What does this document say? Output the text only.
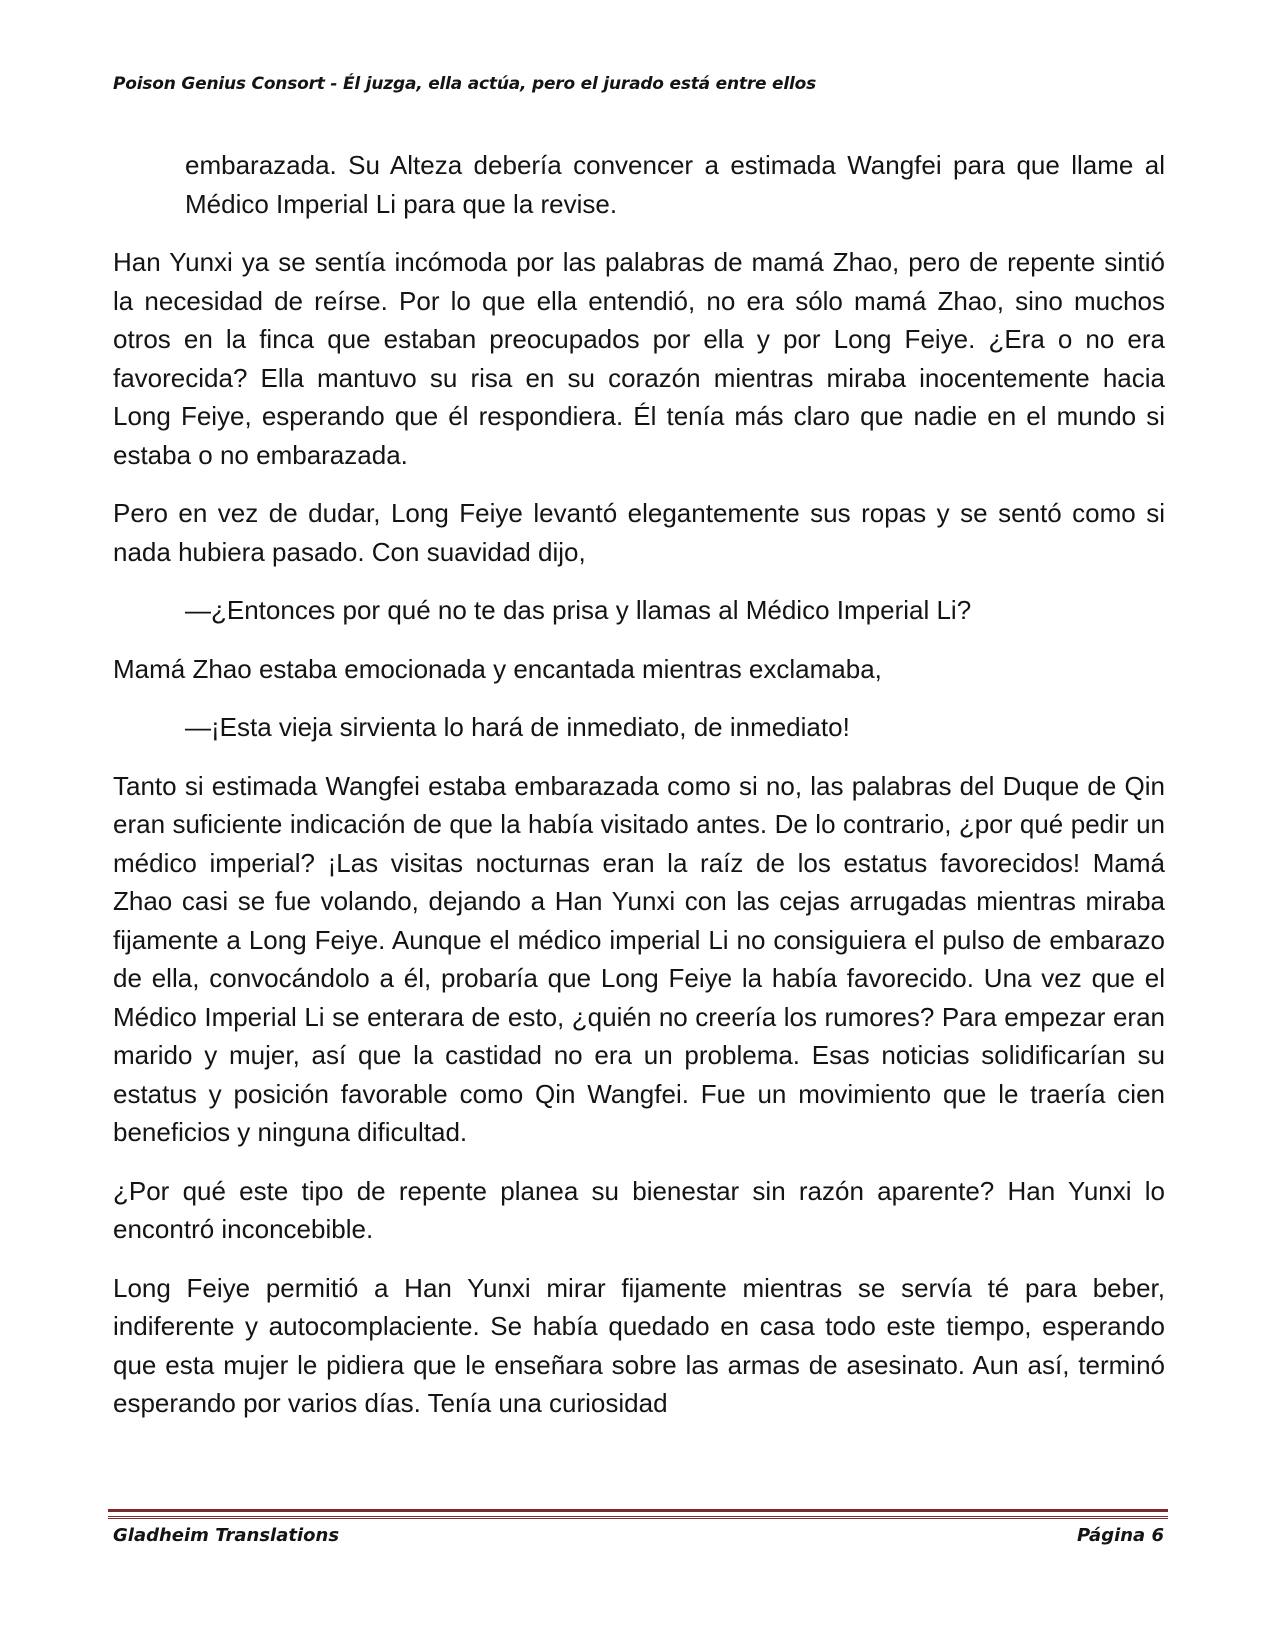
Poison Genius Consort - Él juzga, ella actúa, pero el jurado está entre ellos

embarazada. Su Alteza debería convencer a estimada Wangfei para que llame al Médico Imperial Li para que la revise.

Han Yunxi ya se sentía incómoda por las palabras de mamá Zhao, pero de repente sintió la necesidad de reírse. Por lo que ella entendió, no era sólo mamá Zhao, sino muchos otros en la finca que estaban preocupados por ella y por Long Feiye. ¿Era o no era favorecida? Ella mantuvo su risa en su corazón mientras miraba inocentemente hacia Long Feiye, esperando que él respondiera. Él tenía más claro que nadie en el mundo si estaba o no embarazada.

Pero en vez de dudar, Long Feiye levantó elegantemente sus ropas y se sentó como si nada hubiera pasado. Con suavidad dijo,

—¿Entonces por qué no te das prisa y llamas al Médico Imperial Li?

Mamá Zhao estaba emocionada y encantada mientras exclamaba,

—¡Esta vieja sirvienta lo hará de inmediato, de inmediato!

Tanto si estimada Wangfei estaba embarazada como si no, las palabras del Duque de Qin eran suficiente indicación de que la había visitado antes. De lo contrario, ¿por qué pedir un médico imperial? ¡Las visitas nocturnas eran la raíz de los estatus favorecidos! Mamá Zhao casi se fue volando, dejando a Han Yunxi con las cejas arrugadas mientras miraba fijamente a Long Feiye. Aunque el médico imperial Li no consiguiera el pulso de embarazo de ella, convocándolo a él, probaría que Long Feiye la había favorecido. Una vez que el Médico Imperial Li se enterara de esto, ¿quién no creería los rumores? Para empezar eran marido y mujer, así que la castidad no era un problema. Esas noticias solidificarían su estatus y posición favorable como Qin Wangfei. Fue un movimiento que le traería cien beneficios y ninguna dificultad.

¿Por qué este tipo de repente planea su bienestar sin razón aparente? Han Yunxi lo encontró inconcebible.

Long Feiye permitió a Han Yunxi mirar fijamente mientras se servía té para beber, indiferente y autocomplaciente. Se había quedado en casa todo este tiempo, esperando que esta mujer le pidiera que le enseñara sobre las armas de asesinato. Aun así, terminó esperando por varios días. Tenía una curiosidad

Gladheim Translations	Página 6
